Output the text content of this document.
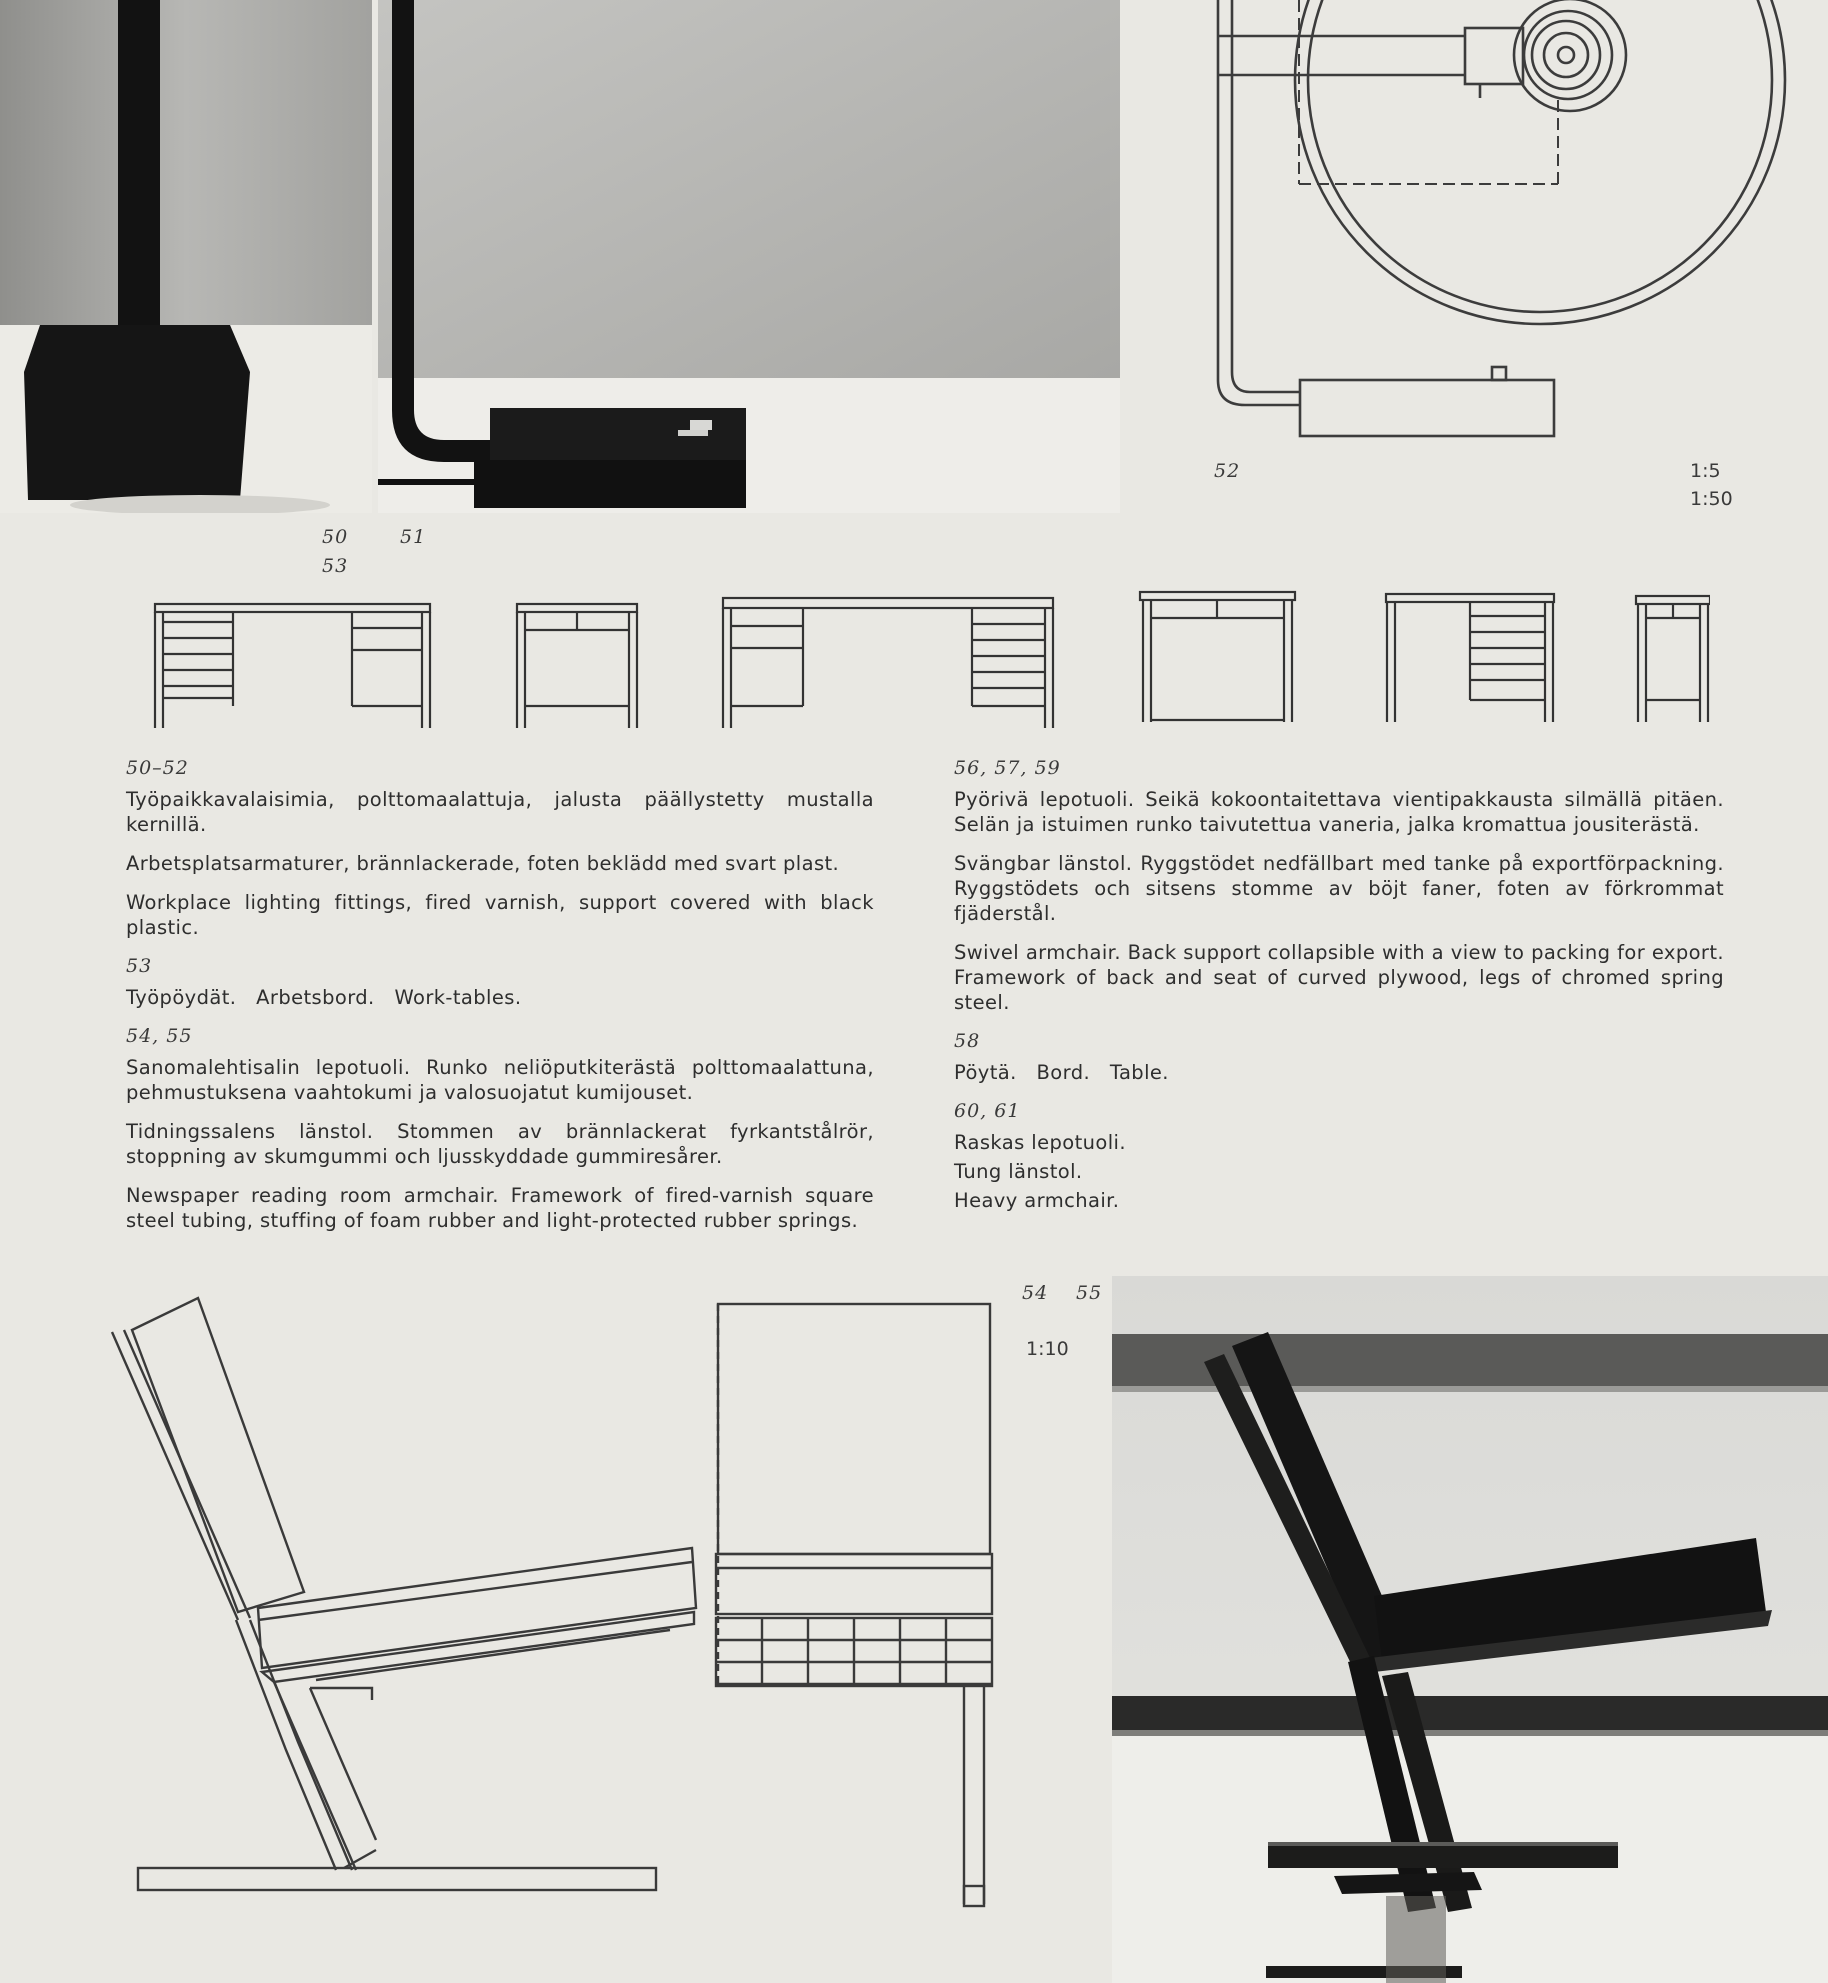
52	1:5
1:50
50	51
53
50–52

Työpaikkavalaisimia, polttomaalattuja, jalusta päällystetty mustalla kernillä.

Arbetsplatsarmaturer, brännlackerade, foten beklädd med svart plast.

Workplace lighting fittings, fired varnish, support covered with black plastic.

53

Työpöydät.   Arbetsbord.   Work-tables.

54, 55

Sanomalehtisalin lepotuoli. Runko neliöputkiterästä polttomaalattuna, pehmustuksena vaahtokumi ja valosuojatut kumijouset.

Tidningssalens länstol. Stommen av brännlackerat fyrkantstålrör, stoppning av skumgummi och ljusskyddade gummiresårer.

Newspaper reading room armchair. Framework of fired-varnish square steel tubing, stuffing of foam rubber and light-protected rubber springs.

56, 57, 59

Pyörivä lepotuoli. Seikä kokoontaitettava vientipakkausta silmällä pitäen. Selän ja istuimen runko taivutettua vaneria, jalka kromattua jousiterästä.

Svängbar länstol. Ryggstödet nedfällbart med tanke på exportförpackning. Ryggstödets och sitsens stomme av böjt faner, foten av förkrommat fjäderstål.

Swivel armchair. Back support collapsible with a view to packing for export. Framework of back and seat of curved plywood, legs of chromed spring steel.

58

Pöytä.   Bord.   Table.

60, 61

Raskas lepotuoli.

Tung länstol.

Heavy armchair.

54 55
1:10
